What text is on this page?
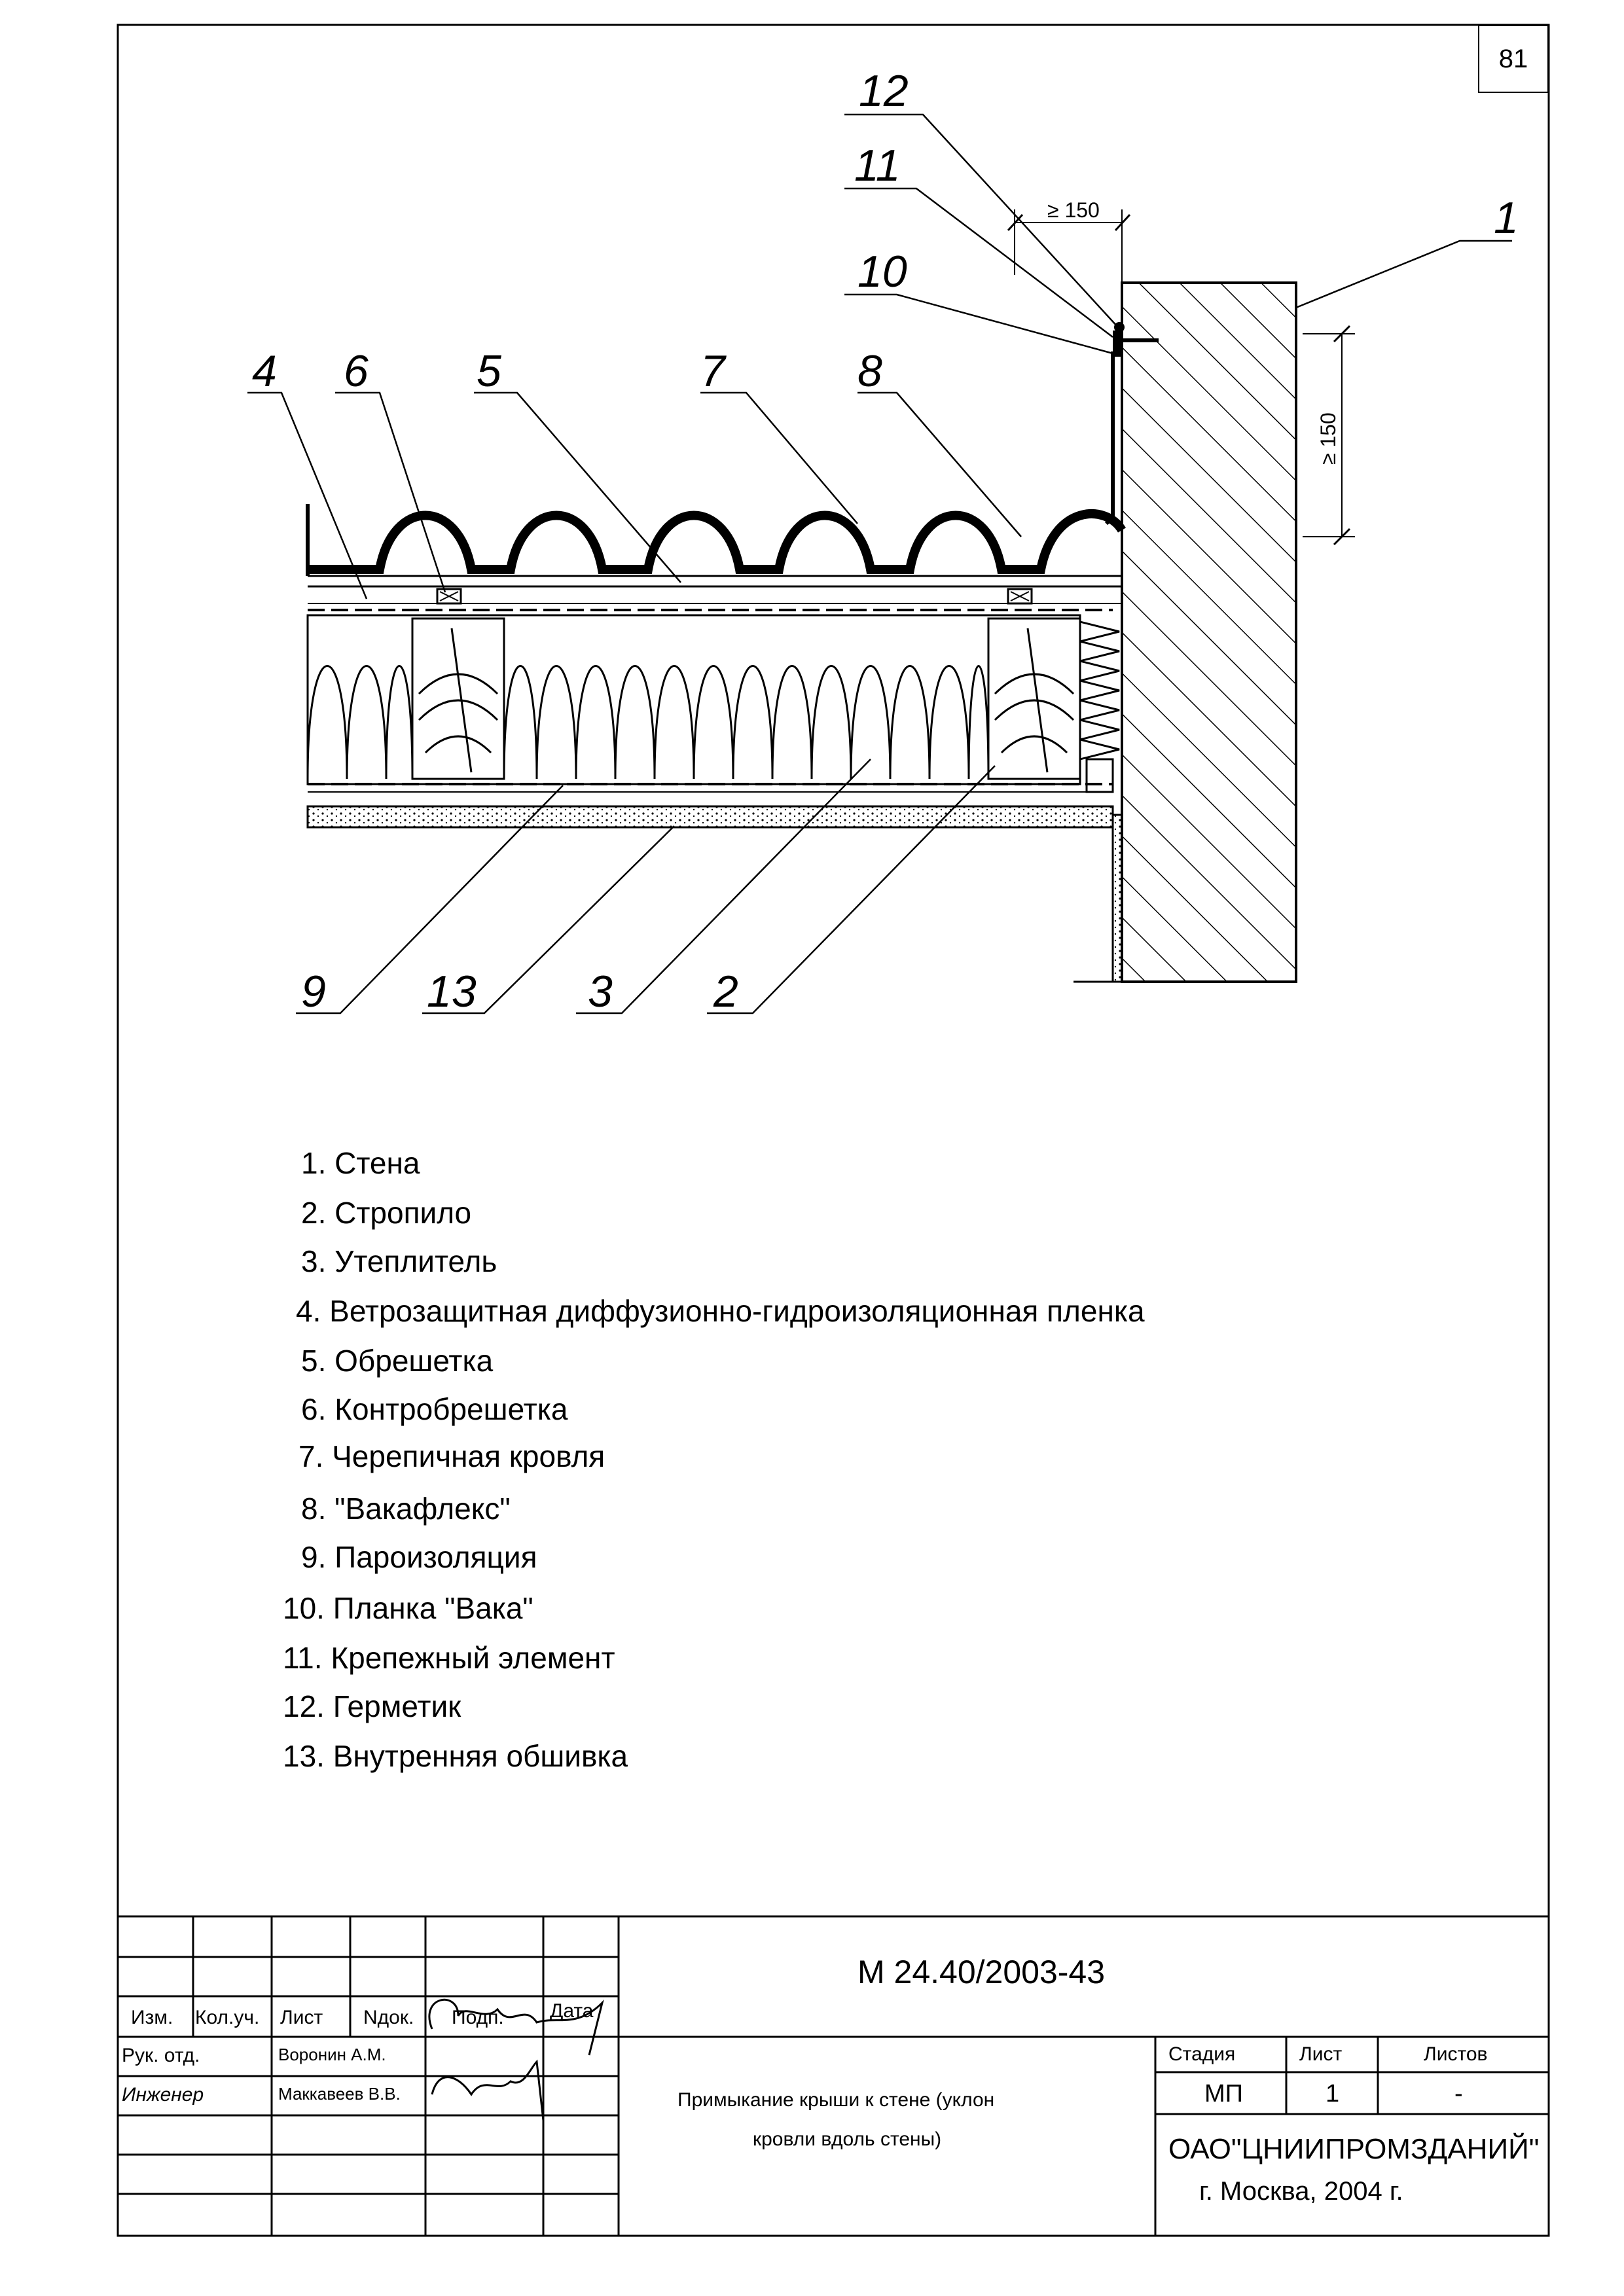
12
11
10
1
4 6 5	7	8
9 13	3 2
≥ 150
≥ 150
81
1. Стена
2. Стропило
3. Утеплитель
4. Ветрозащитная диффузионно-гидроизоляционная пленка
5. Обрешетка
6. Контробрешетка
7. Черепичная кровля
8. "Вакафлекс"
9. Пароизоляция
10. Планка "Вака"
11. Крепежный элемент
12. Герметик
13. Внутренняя обшивка
М 24.40/2003-43
Изм. Кол.уч. Лист Nдок. Подп. Дата
Рук. отд.	Воронин А.М.
Инженер	Маккавеев В.В.	Примыкание крыши к стене (уклон
кровли вдоль стены)
Стадия	Лист	Листов
МП	1	-
ОАО"ЦНИИПРОМЗДАНИЙ"
г. Москва, 2004 г.
